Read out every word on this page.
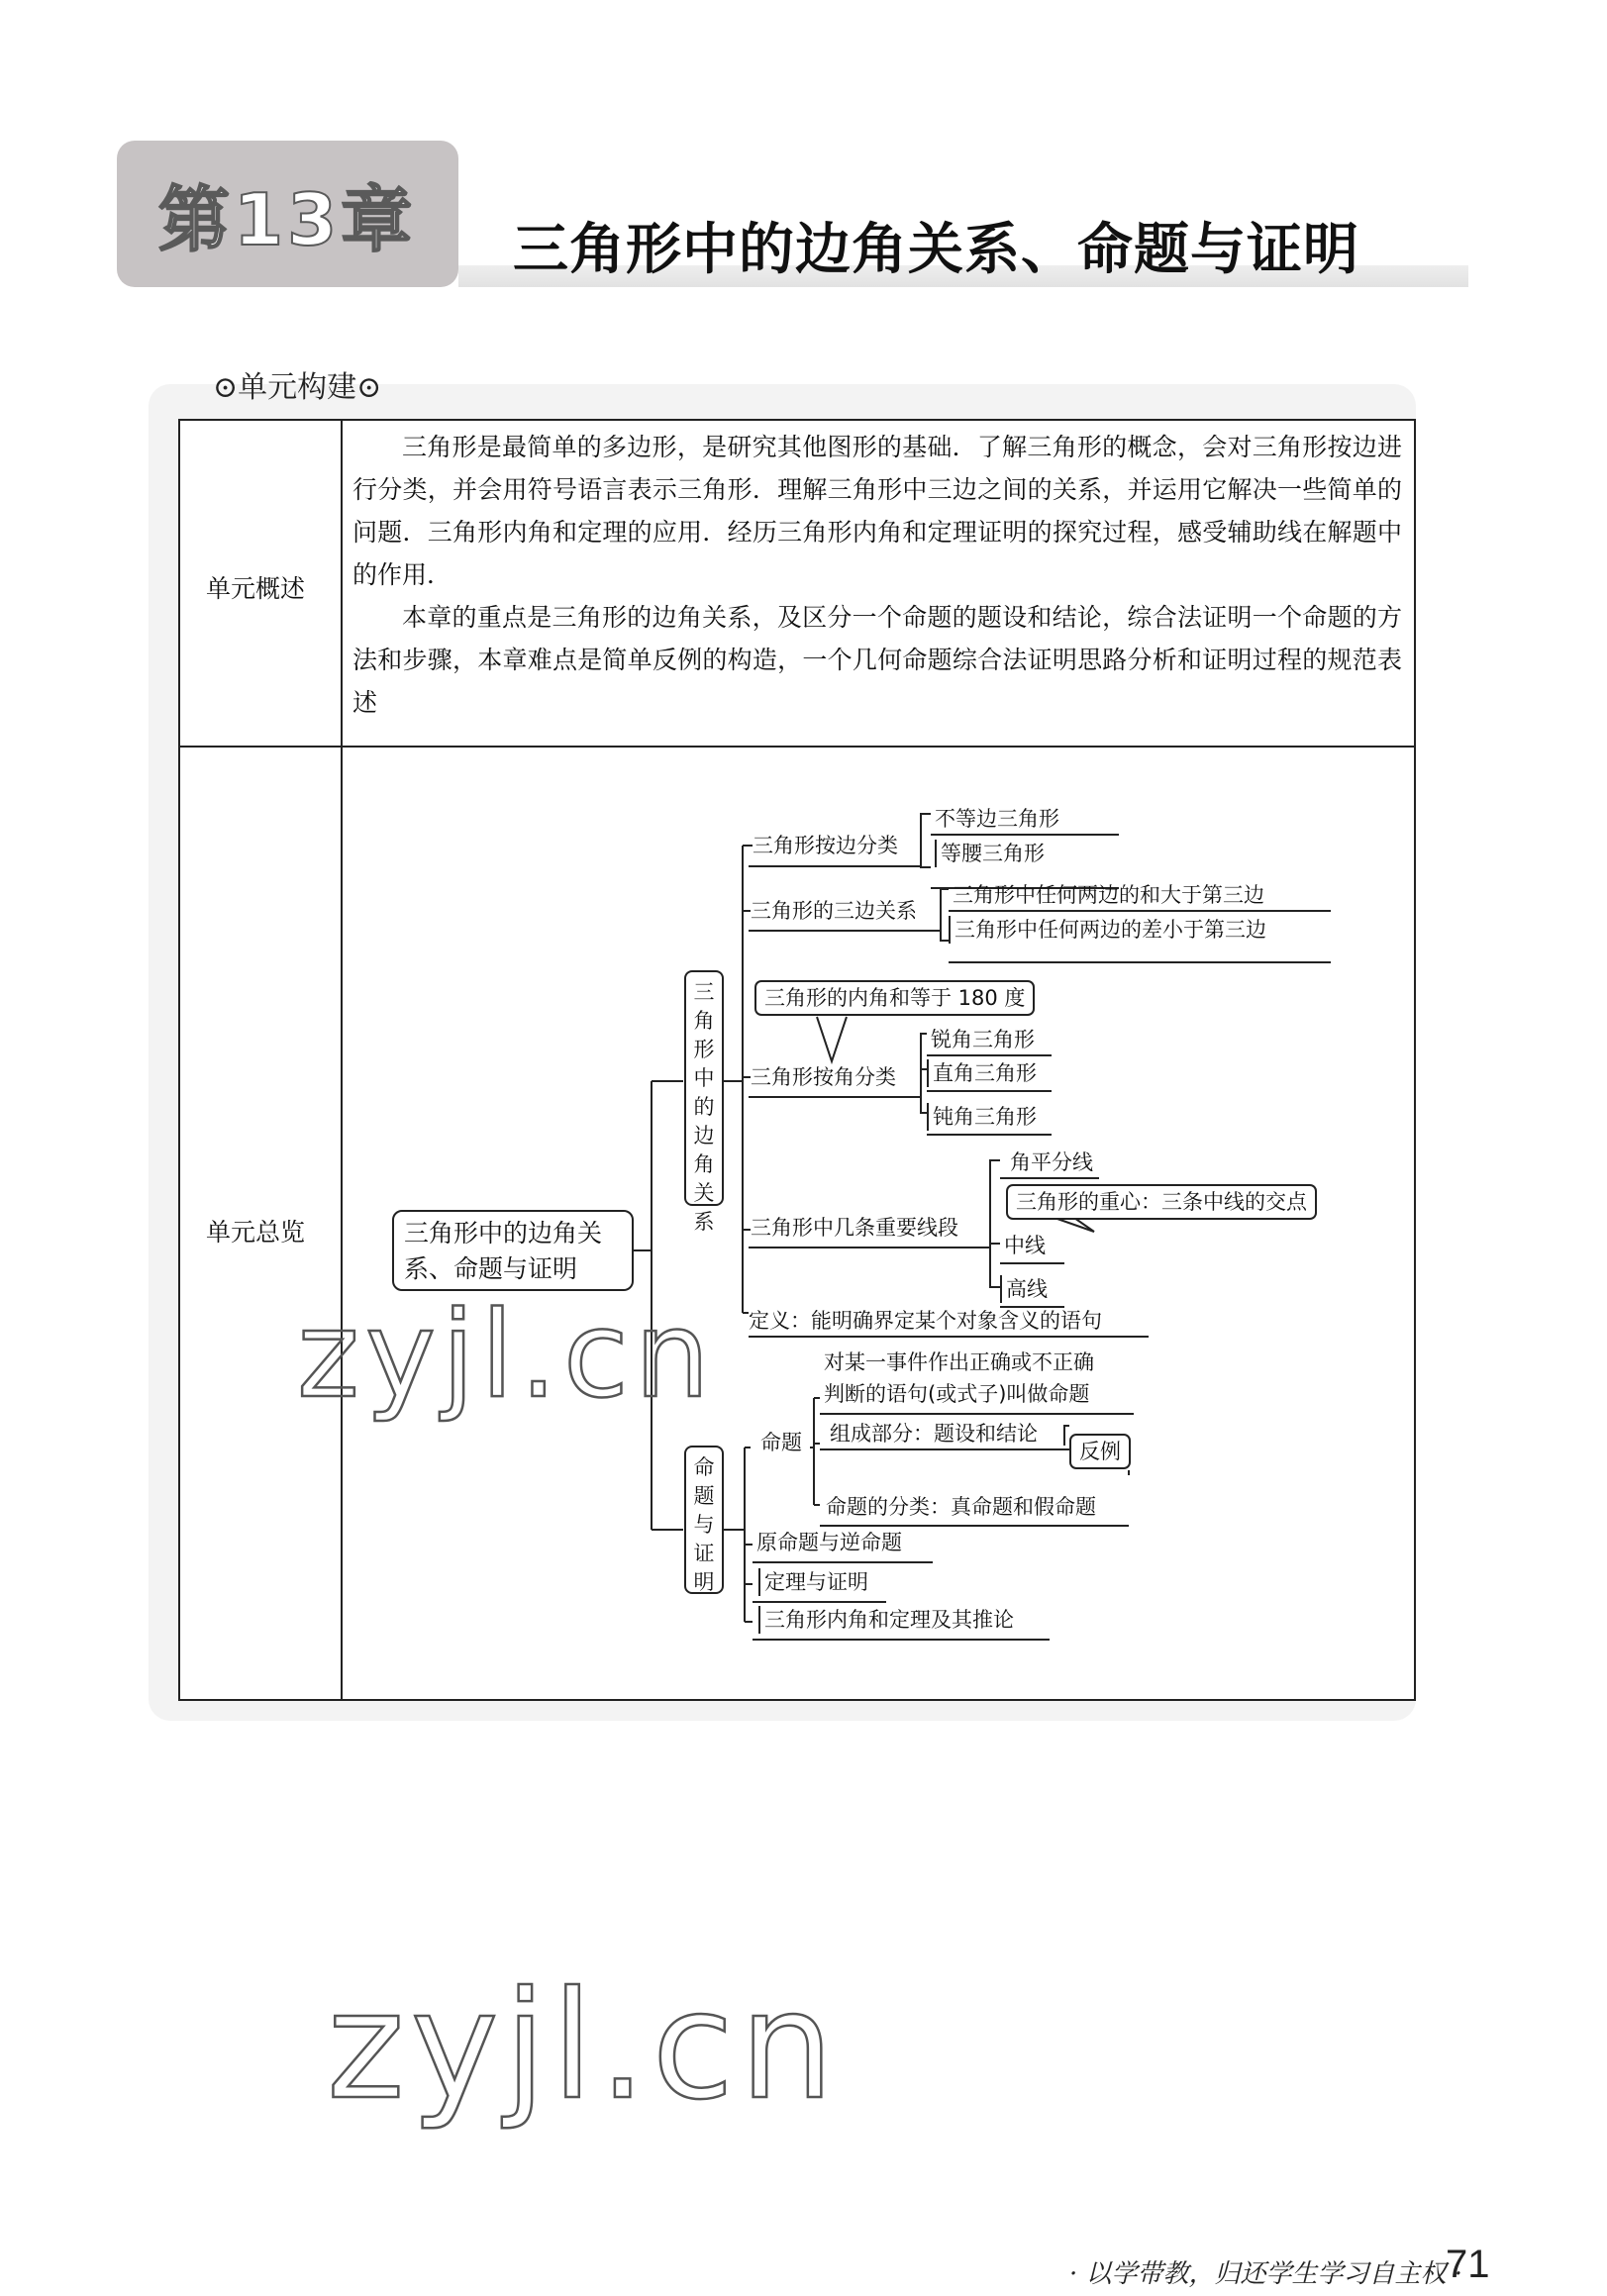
第13章 三角形中的边角关系、命题与证明
⊙单元构建⊙
单元概述
单元总览

三角形是最简单的多边形，是研究其他图形的基础．了解三角形的概念，会对三角形按边进行分类，并会用符号语言表示三角形．理解三角形中三边之间的关系，并运用它解决一些简单的问题．三角形内角和定理的应用．经历三角形内角和定理证明的探究过程，感受辅助线在解题中的作用．

本章的重点是三角形的边角关系，及区分一个命题的题设和结论，综合法证明一个命题的方法和步骤，本章难点是简单反例的构造，一个几何命题综合法证明思路分析和证明过程的规范表述

三角形中的边角关
系、命题与证明
三角形中的边角关系
命题与证明
三角形按边分类
不等边三角形
等腰三角形
三角形的三边关系
三角形中任何两边的和大于第三边
三角形中任何两边的差小于第三边
三角形的内角和等于 180 度
三角形按角分类
锐角三角形
直角三角形
钝角三角形
三角形中几条重要线段
角平分线
三角形的重心：三条中线的交点
中线
高线
定义：能明确界定某个对象含义的语句
命题
对某一事件作出正确或不正确
判断的语句(或式子)叫做命题
组成部分：题设和结论
反例
命题的分类：真命题和假命题
原命题与逆命题
定理与证明
三角形内角和定理及其推论
zyjl.cn
zyjl.cn
· 以学带教，归还学生学习自主权 ·
71
